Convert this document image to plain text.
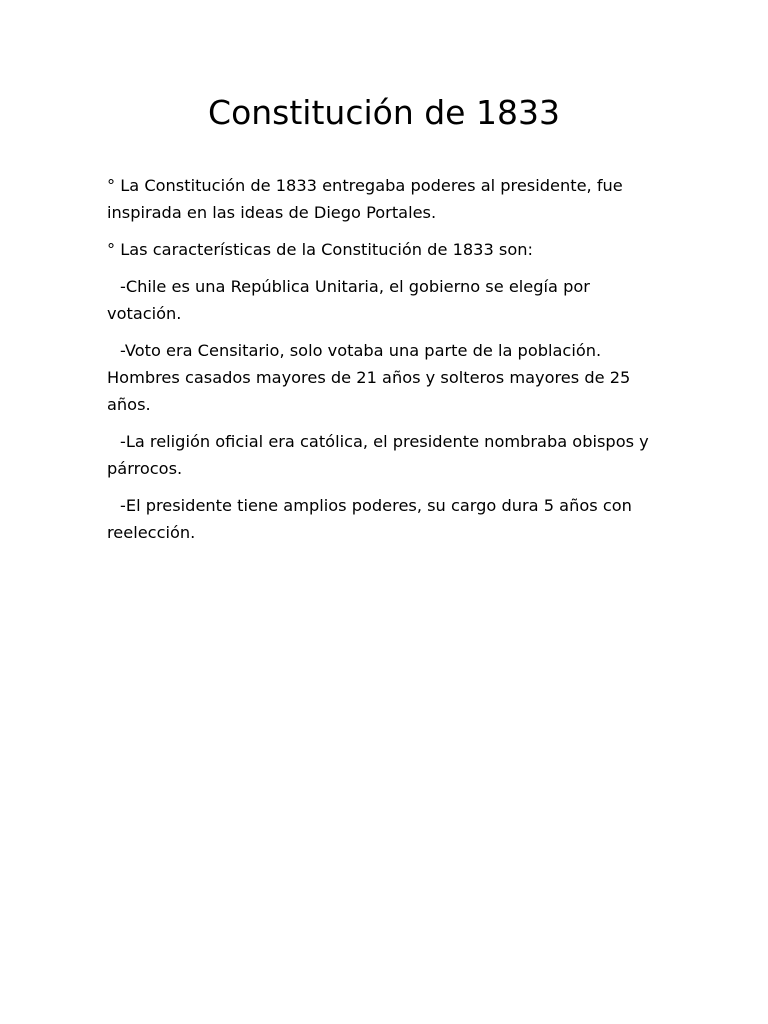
Constitución de 1833

° La Constitución de 1833 entregaba poderes al presidente, fue inspirada en las ideas de Diego Portales.

° Las características de la Constitución de 1833 son:

-Chile es una República Unitaria, el gobierno se elegía por votación.

-Voto era Censitario, solo votaba una parte de la población. Hombres casados mayores de 21 años y solteros mayores de 25 años.

-La religión oficial era católica, el presidente nombraba obispos y párrocos.

-El presidente tiene amplios poderes, su cargo dura 5 años con reelección.
